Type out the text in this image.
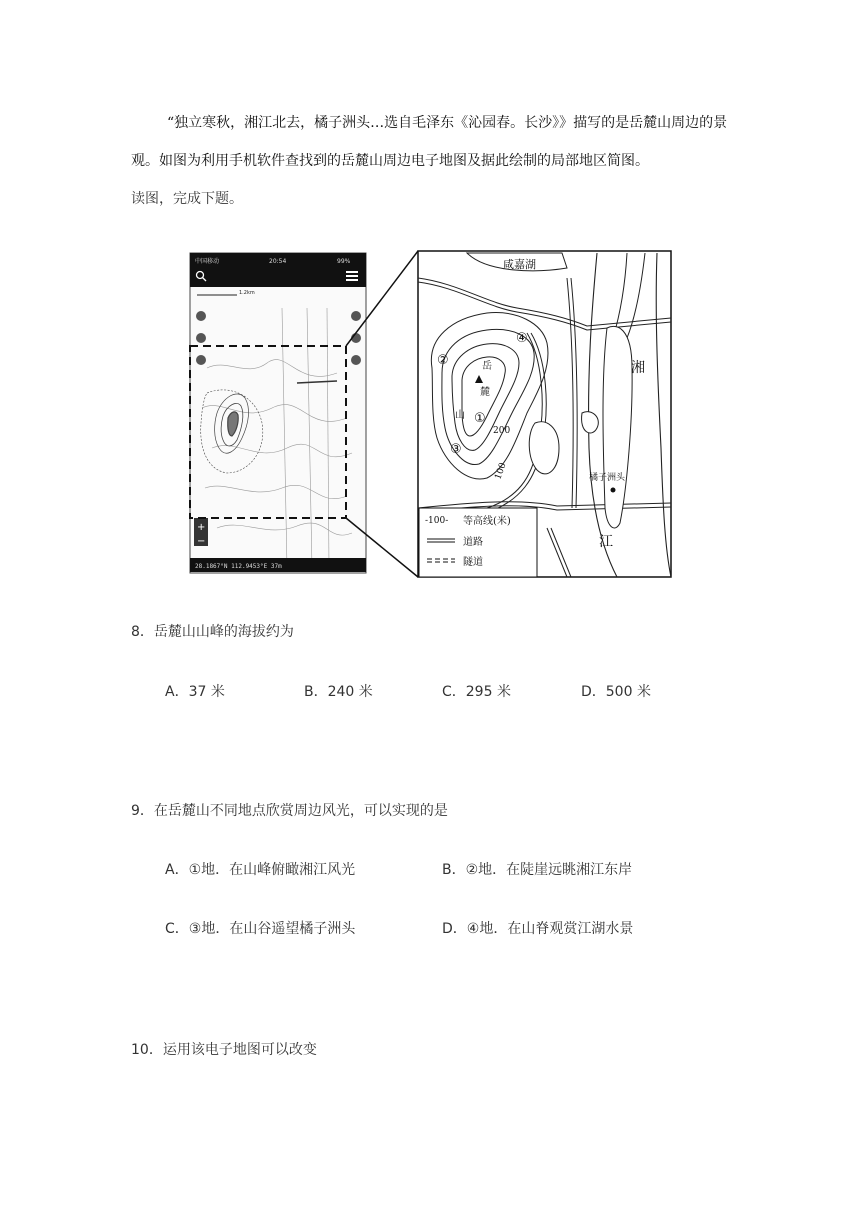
“独立寒秋，湘江北去，橘子洲头…选自毛泽东《沁园春。长沙》》描写的是岳麓山周边的景观。如图为利用手机软件查找到的岳麓山周边电子地图及据此绘制的局部地区简图。
读图，完成下题。
中国移动	20:54	99%
1.2km
+
−
28.1867°N 112.9453°E 37m
咸嘉湖
湘
江
橘子洲头
200
100
岳
麓
山 ①
②
③
④
-100- 等高线(米)
道路
隧道
8．岳麓山山峰的海拔约为
A．37 米	B．240 米	C．295 米	D．500 米
9．在岳麓山不同地点欣赏周边风光，可以实现的是
A．①地．在山峰俯瞰湘江风光	B．②地．在陡崖远眺湘江东岸
C．③地．在山谷遥望橘子洲头	D．④地．在山脊观赏江湖水景
10．运用该电子地图可以改变
